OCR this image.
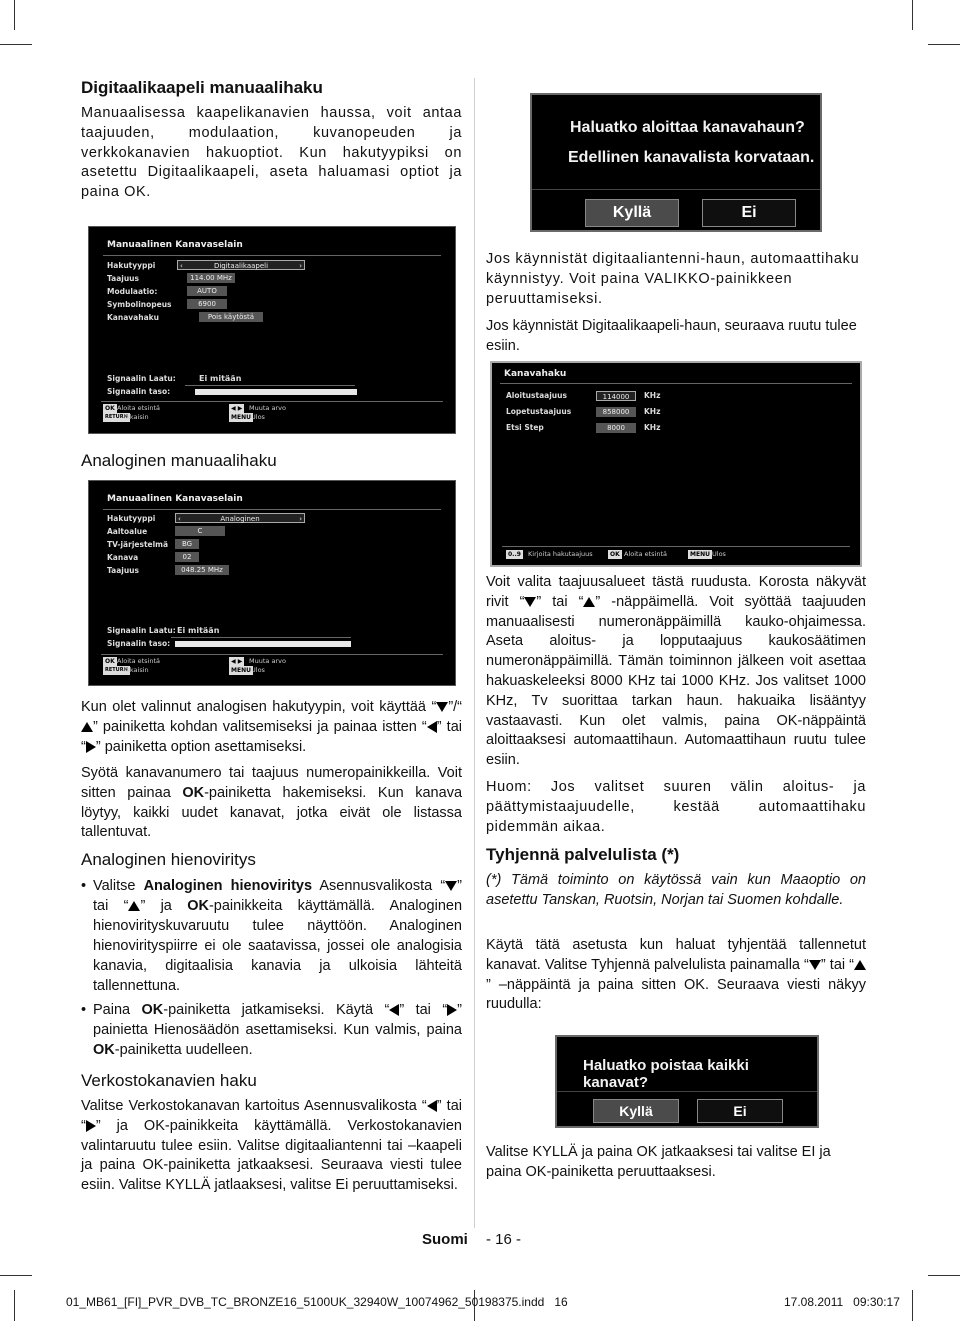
Digitaalikaapeli manuaalihaku

Manuaalisessa kaapelikanavien haussa, voit antaa taajuuden, modulaation, kuvanopeuden ja verkkokanavien hakuoptiot. Kun hakutyypiksi on asetettu Digitaalikaapeli, aseta haluamasi optiot ja paina OK.

Haluatko aloittaa kanavahaun?
Edellinen kanavalista korvataan.
Kyllä	Ei
Manuaalinen Kanavaselain
Hakutyyppi	‹	Digitaalikaapeli	›
Taajuus	114.00 MHz
Modulaatio:	AUTO
Symbolinopeus	6900
Kanavahaku	Pois käytöstä
Signaalin Laatu:	Ei mitään
Signaalin taso:
OK Aloita etsintä
RETURN
Takaisin
◀ ▶	Muuta arvo
MENU Ulos

Jos käynnistät digitaaliantenni-haun, automaattihaku käynnistyy. Voit paina VALIKKO-painikkeen peruuttamiseksi.

Jos käynnistät Digitaalikaapeli-haun, seuraava ruutu tulee esiin.

Kanavahaku
Aloitustaajuus	114000	KHz
Lopetustaajuus	858000	KHz
Etsi Step	8000	KHz
0..9	Kirjoita hakutaajuus	OK Aloita etsintä	MENU Ulos
Analoginen manuaalihaku
Manuaalinen Kanavaselain
Hakutyyppi	‹	Analoginen	›
Aaltoalue	C
TV-järjestelmä	BG
Kanava	02
Taajuus	048.25 MHz
Signaalin Laatu: Ei mitään
Signaalin taso:
OK Aloita etsintä
RETURN
Takaisin
◀ ▶	Muuta arvo
MENU Ulos

Kun olet valinnut analogisen hakutyypin, voit käyttää “ ”/“” painiketta kohdan valitsemiseksi ja painaa istten “ ” tai “ ” painiketta option asettamiseksi.

Syötä kanavanumero tai taajuus numeropainikkeilla. Voit sitten painaa OK-painiketta hakemiseksi. Kun kanava löytyy, kaikki uudet kanavat, jotka eivät ole listassa tallentuvat.

Analoginen hienoviritys
• Valitse Analoginen hienoviritys Asennusvalikosta “ ” tai “ ” ja OK-painikkeita käyttämällä. Analoginen hienovirityskuvaruutu tulee näyttöön. Analoginen hienovirityspiirre ei ole saatavissa, jossei ole analogisia kanavia, digitaalisia kanavia ja ulkoisia lähteitä tallennettuna.
• Paina OK-painiketta jatkamiseksi. Käytä “ ” tai “ ” painietta Hienosäädön asettamiseksi. Kun valmis, paina OK-painiketta uudelleen.
Verkostokanavien haku

Valitse Verkostokanavan kartoitus Asennusvalikosta “ ” tai “ ” ja OK-painikkeita käyttämällä. Verkostokanavien valintaruutu tulee esiin. Valitse digitaaliantenni tai –kaapeli ja paina OK-painiketta jatkaaksesi. Seuraava viesti tulee esiin. Valitse KYLLÄ jatlaaksesi, valitse Ei peruuttamiseksi.

Voit valita taajuusalueet tästä ruudusta. Korosta näkyvät rivit “ ” tai “ ” -näppäimellä. Voit syöttää taajuuden manuaalisesti numeronäppäimillä kauko-ohjaimessa. Aseta aloitus- ja lopputaajuus kaukosäätimen numeronäppäimillä. Tämän toiminnon jälkeen voit asettaa hakuaskeleeksi 8000 KHz tai 1000 KHz. Jos valitset 1000 KHz, Tv suorittaa tarkan haun. hakuaika lisääntyy vastaavasti. Kun olet valmis, paina OK-näppäintä aloittaaksesi automaattihaun. Automaattihaun ruutu tulee esiin.

Huom: Jos valitset suuren välin aloitus- ja päättymistaajuudelle, kestää automaattihaku pidemmän aikaa.

Tyhjennä palvelulista (*)

(*) Tämä toiminto on käytössä vain kun Maaoptio on asetettu Tanskan, Ruotsin, Norjan tai Suomen kohdalle.

Käytä tätä asetusta kun haluat tyhjentää tallennetut kanavat. Valitse Tyhjennä palvelulista painamalla “ ” tai “” –näppäintä ja paina sitten OK. Seuraava viesti näkyy ruudulla:

Haluatko poistaa kaikki kanavat?
Kyllä	Ei

Valitse KYLLÄ ja paina OK jatkaaksesi tai valitse EI ja paina OK-painiketta peruuttaaksesi.

Suomi - 16 -
01_MB61_[FI]_PVR_DVB_TC_BRONZE16_5100UK_32940W_10074962_50198375.indd   16	17.08.2011   09:30:17
